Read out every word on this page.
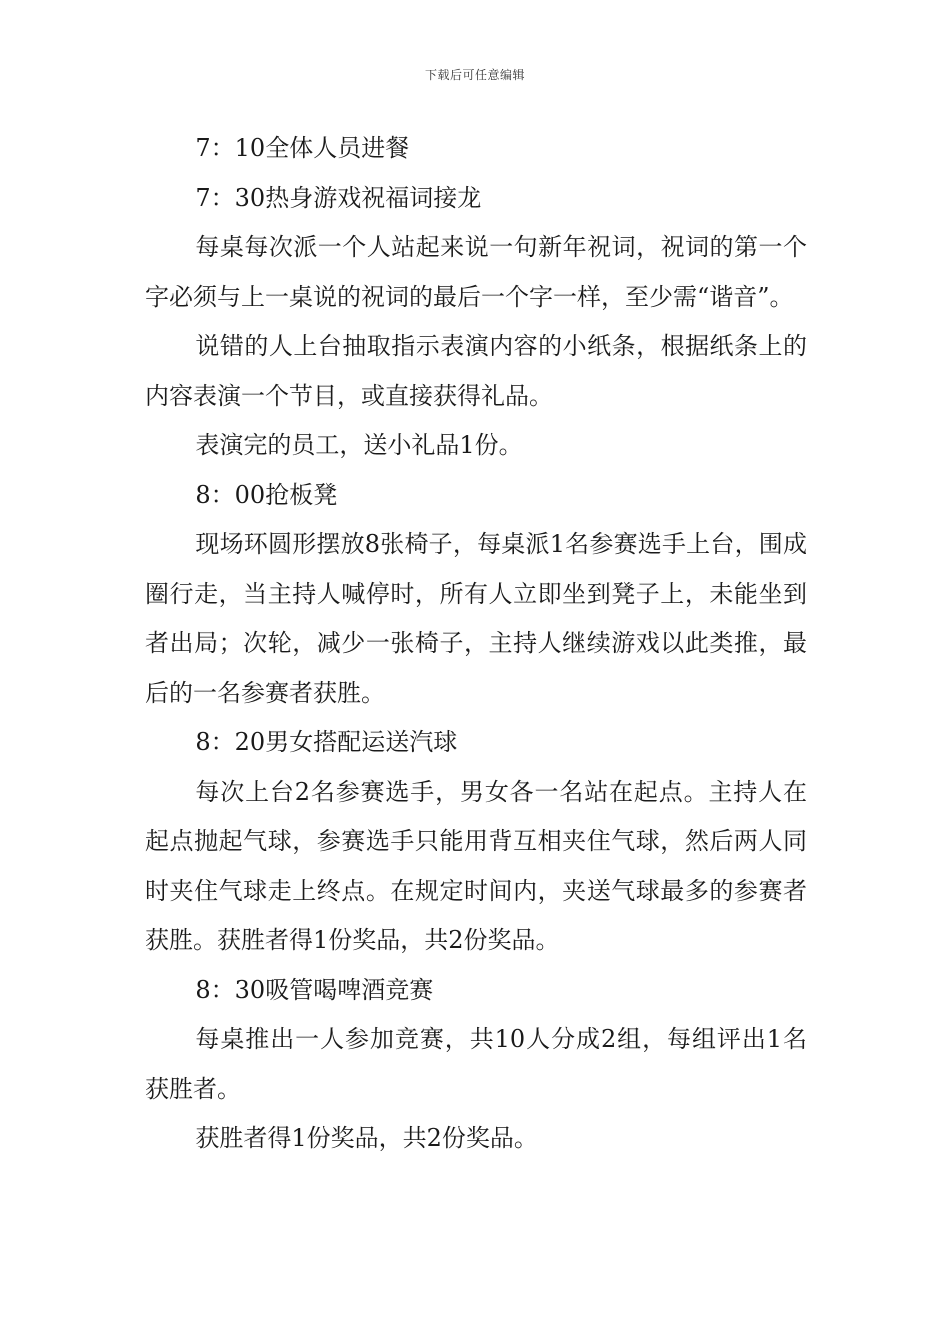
下载后可任意编辑

7：10全体人员进餐

7：30热身游戏祝福词接龙

每桌每次派一个人站起来说一句新年祝词，祝词的第一个字必须与上一桌说的祝词的最后一个字一样，至少需“谐音”。

说错的人上台抽取指示表演内容的小纸条，根据纸条上的内容表演一个节目，或直接获得礼品。

表演完的员工，送小礼品1份。

8：00抢板凳

现场环圆形摆放8张椅子，每桌派1名参赛选手上台，围成圈行走，当主持人喊停时，所有人立即坐到凳子上，未能坐到者出局；次轮，减少一张椅子，主持人继续游戏以此类推，最后的一名参赛者获胜。

8：20男女搭配运送汽球

每次上台2名参赛选手，男女各一名站在起点。主持人在起点抛起气球，参赛选手只能用背互相夹住气球，然后两人同时夹住气球走上终点。在规定时间内，夹送气球最多的参赛者获胜。获胜者得1份奖品，共2份奖品。

8：30吸管喝啤酒竞赛

每桌推出一人参加竞赛，共10人分成2组，每组评出1名获胜者。

获胜者得1份奖品，共2份奖品。
